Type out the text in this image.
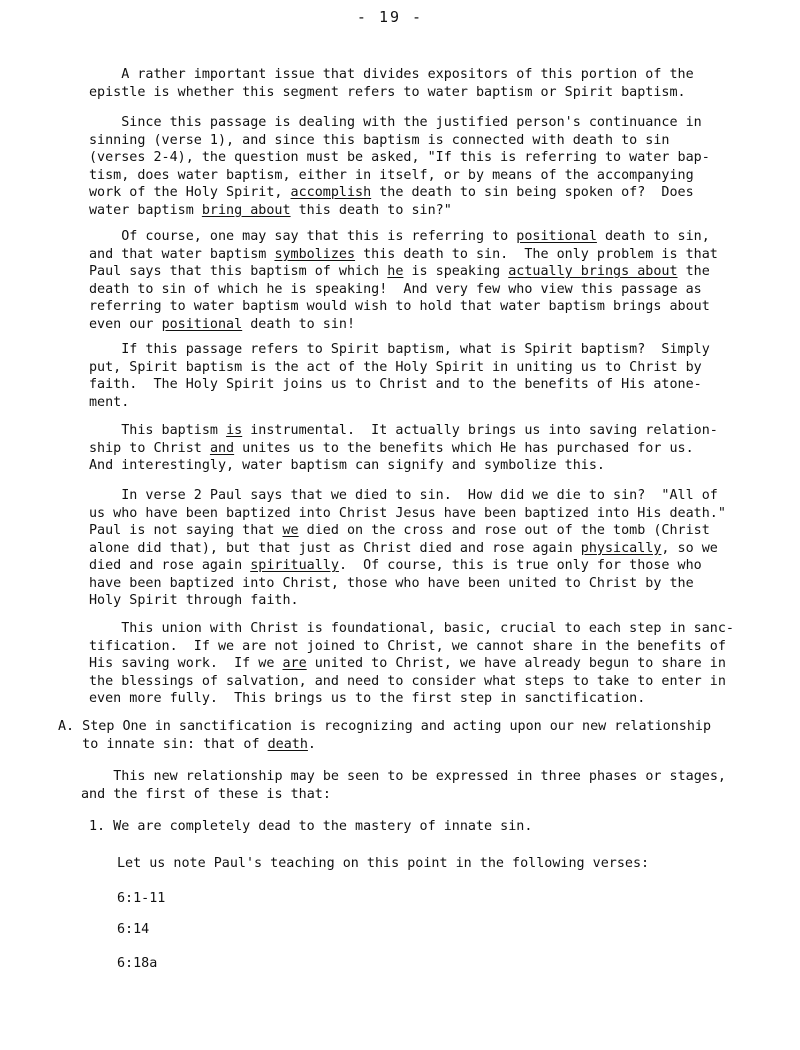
- 19 -
A rather important issue that divides expositors of this portion of the
epistle is whether this segment refers to water baptism or Spirit baptism.
Since this passage is dealing with the justified person's continuance in
sinning (verse 1), and since this baptism is connected with death to sin
(verses 2-4), the question must be asked, "If this is referring to water bap-
tism, does water baptism, either in itself, or by means of the accompanying
work of the Holy Spirit, accomplish the death to sin being spoken of?  Does
water baptism bring about this death to sin?"
Of course, one may say that this is referring to positional death to sin,
and that water baptism symbolizes this death to sin.  The only problem is that
Paul says that this baptism of which he is speaking actually brings about the
death to sin of which he is speaking!  And very few who view this passage as
referring to water baptism would wish to hold that water baptism brings about
even our positional death to sin!
If this passage refers to Spirit baptism, what is Spirit baptism?  Simply
put, Spirit baptism is the act of the Holy Spirit in uniting us to Christ by
faith.  The Holy Spirit joins us to Christ and to the benefits of His atone-
ment.
This baptism is instrumental.  It actually brings us into saving relation-
ship to Christ and unites us to the benefits which He has purchased for us.
And interestingly, water baptism can signify and symbolize this.
In verse 2 Paul says that we died to sin.  How did we die to sin?  "All of
us who have been baptized into Christ Jesus have been baptized into His death."
Paul is not saying that we died on the cross and rose out of the tomb (Christ
alone did that), but that just as Christ died and rose again physically, so we
died and rose again spiritually.  Of course, this is true only for those who
have been baptized into Christ, those who have been united to Christ by the
Holy Spirit through faith.
This union with Christ is foundational, basic, crucial to each step in sanc-
tification.  If we are not joined to Christ, we cannot share in the benefits of
His saving work.  If we are united to Christ, we have already begun to share in
the blessings of salvation, and need to consider what steps to take to enter in
even more fully.  This brings us to the first step in sanctification.
A. Step One in sanctification is recognizing and acting upon our new relationship
to innate sin: that of death.
This new relationship may be seen to be expressed in three phases or stages,
and the first of these is that:
1. We are completely dead to the mastery of innate sin.
Let us note Paul's teaching on this point in the following verses:
6:1-11
6:14
6:18a
